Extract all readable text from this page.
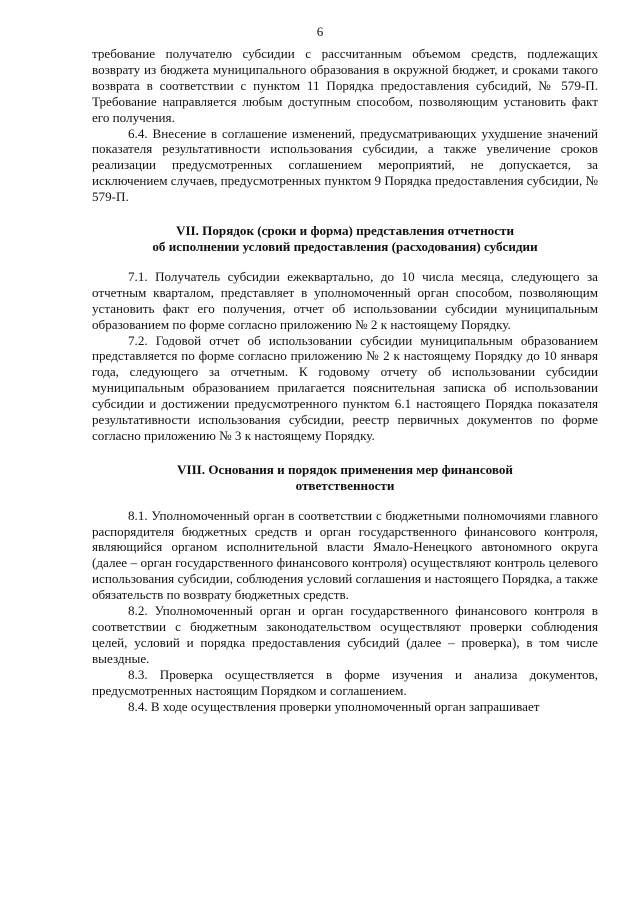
6

требование получателю субсидии с рассчитанным объемом средств, подлежащих возврату из бюджета муниципального образования в окружной бюджет, и сроками такого возврата в соответствии с пунктом 11 Порядка предоставления субсидий, № 579-П. Требование направляется любым доступным способом, позволяющим установить факт его получения.

6.4. Внесение в соглашение изменений, предусматривающих ухудшение значений показателя результативности использования субсидии, а также увеличение сроков реализации предусмотренных соглашением мероприятий, не допускается, за исключением случаев, предусмотренных пунктом 9 Порядка предоставления субсидии, № 579-П.

VII. Порядок (сроки и форма) представления отчетности
об исполнении условий предоставления (расходования) субсидии

7.1. Получатель субсидии ежеквартально, до 10 числа месяца, следующего за отчетным кварталом, представляет в уполномоченный орган способом, позволяющим установить факт его получения, отчет об использовании субсидии муниципальным образованием по форме согласно приложению № 2 к настоящему Порядку.

7.2. Годовой отчет об использовании субсидии муниципальным образованием представляется по форме согласно приложению № 2 к настоящему Порядку до 10 января года, следующего за отчетным. К годовому отчету об использовании субсидии муниципальным образованием прилагается пояснительная записка об использовании субсидии и достижении предусмотренного пунктом 6.1 настоящего Порядка показателя результативности использования субсидии, реестр первичных документов по форме согласно приложению № 3 к настоящему Порядку.

VIII. Основания и порядок применения мер финансовой
ответственности

8.1. Уполномоченный орган в соответствии с бюджетными полномочиями главного распорядителя бюджетных средств и орган государственного финансового контроля, являющийся органом исполнительной власти Ямало-Ненецкого автономного округа (далее – орган государственного финансового контроля) осуществляют контроль целевого использования субсидии, соблюдения условий соглашения и настоящего Порядка, а также обязательств по возврату бюджетных средств.

8.2. Уполномоченный орган и орган государственного финансового контроля в соответствии с бюджетным законодательством осуществляют проверки соблюдения целей, условий и порядка предоставления субсидий (далее – проверка), в том числе выездные.

8.3. Проверка осуществляется в форме изучения и анализа документов, предусмотренных настоящим Порядком и соглашением.

8.4. В ходе осуществления проверки уполномоченный орган запрашивает
